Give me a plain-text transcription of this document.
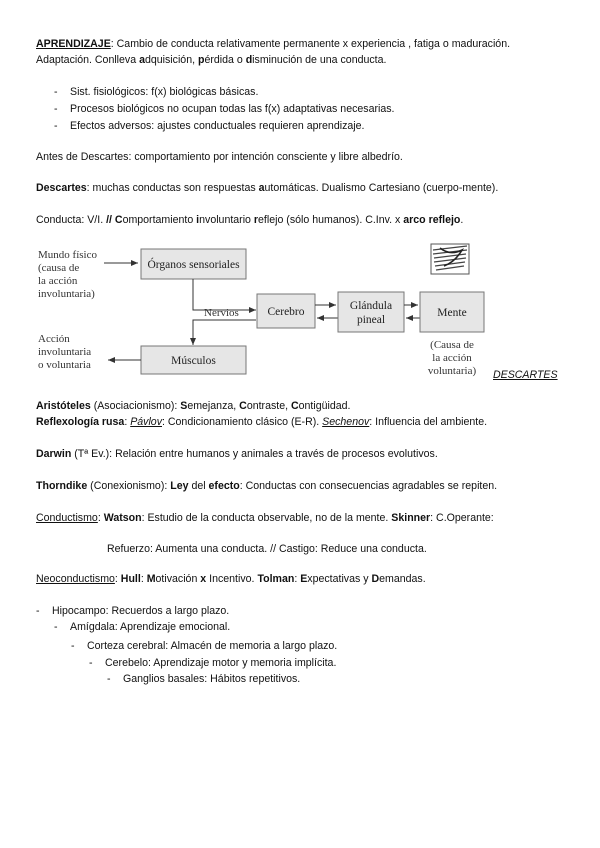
APRENDIZAJE: Cambio de conducta relativamente permanente x experiencia , fatiga o maduración.
Adaptación. Conlleva adquisición, pérdida o disminución de una conducta.
- Sist. fisiológicos: f(x) biológicas básicas.
- Procesos biológicos no ocupan todas las f(x) adaptativas necesarias.
- Efectos adversos: ajustes conductuales requieren aprendizaje.
Antes de Descartes: comportamiento por intención consciente y libre albedrío.
Descartes: muchas conductas son respuestas automáticas. Dualismo Cartesiano (cuerpo-mente).
Conducta: V/I. // Comportamiento involuntario reflejo (sólo humanos). C.Inv. x arco reflejo.
Mundo físico
(causa de
la acción
involuntaria)
Órganos sensoriales
Nervios Cerebro	Glándula
pineal
Mente
Músculos
Acción
involuntaria
o voluntaria
(Causa de
la acción
voluntaria) DESCARTES
Aristóteles (Asociacionismo): Semejanza, Contraste, Contigüidad.
Reflexología rusa: Pávlov: Condicionamiento clásico (E-R). Sechenov: Influencia del ambiente.
Darwin (Tª Ev.): Relación entre humanos y animales a través de procesos evolutivos.
Thorndike (Conexionismo): Ley del efecto: Conductas con consecuencias agradables se repiten.
Conductismo: Watson: Estudio de la conducta observable, no de la mente. Skinner: C.Operante:
Refuerzo: Aumenta una conducta. // Castigo: Reduce una conducta.
Neoconductismo: Hull: Motivación x Incentivo. Tolman: Expectativas y Demandas.
- Hipocampo: Recuerdos a largo plazo.
- Amígdala: Aprendizaje emocional.
- Corteza cerebral: Almacén de memoria a largo plazo.
- Cerebelo: Aprendizaje motor y memoria implícita.
- Ganglios basales: Hábitos repetitivos.
